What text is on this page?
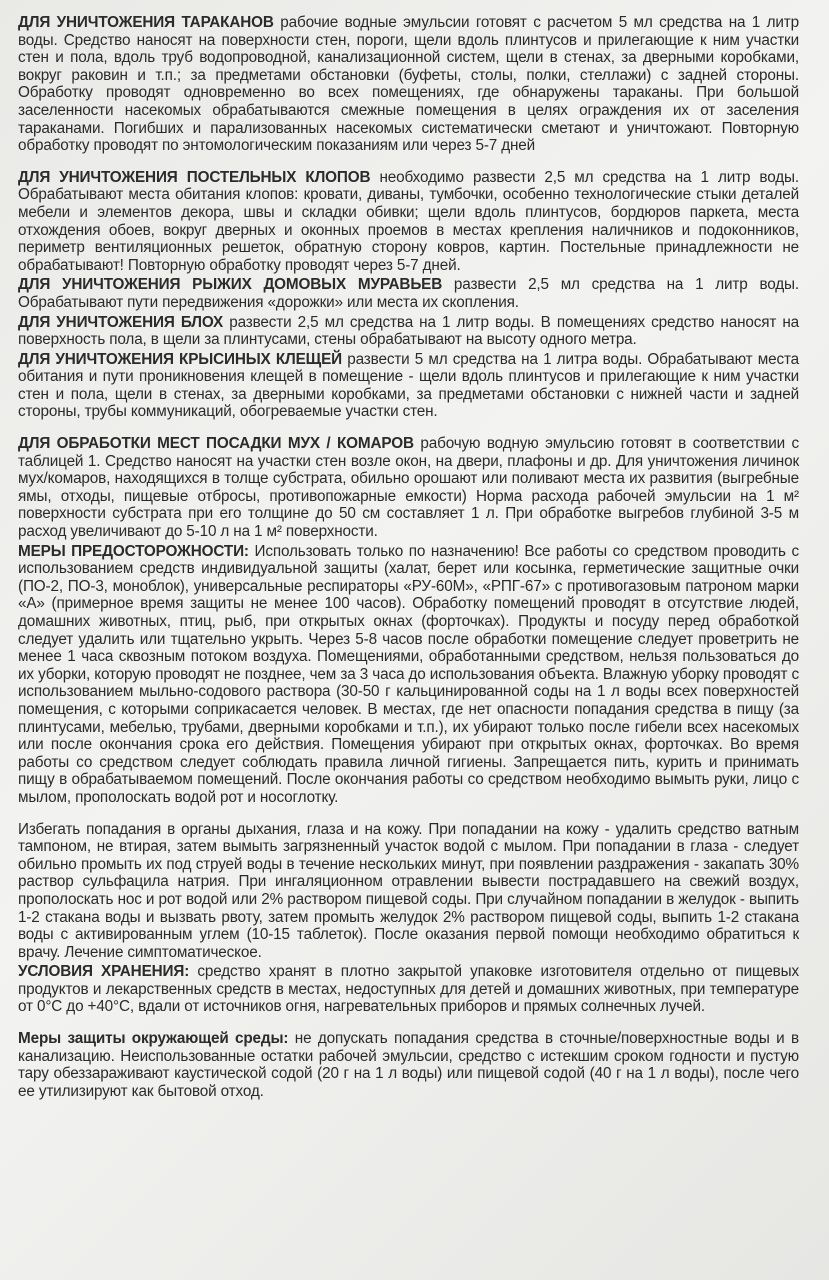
ДЛЯ УНИЧТОЖЕНИЯ ТАРАКАНОВ рабочие водные эмульсии готовят с расчетом 5 мл средства на 1 литр воды. Средство наносят на поверхности стен, пороги, щели вдоль плинтусов и прилегающие к ним участки стен и пола, вдоль труб водопроводной, канализационной систем, щели в стенах, за дверными коробками, вокруг раковин и т.п.; за предметами обстановки (буфеты, столы, полки, стеллажи) с задней стороны. Обработку проводят одновременно во всех помещениях, где обнаружены тараканы. При большой заселенности насекомых обрабатываются смежные помещения в целях ограждения их от заселения тараканами. Погибших и парализованных насекомых систематически сметают и уничтожают. Повторную обработку проводят по энтомологическим показаниям или через 5-7 дней

ДЛЯ УНИЧТОЖЕНИЯ ПОСТЕЛЬНЫХ КЛОПОВ необходимо развести 2,5 мл средства на 1 литр воды. Обрабатывают места обитания клопов: кровати, диваны, тумбочки, особенно технологические стыки деталей мебели и элементов декора, швы и складки обивки; щели вдоль плинтусов, бордюров паркета, места отхождения обоев, вокруг дверных и оконных проемов в местах крепления наличников и подоконников, периметр вентиляционных решеток, обратную сторону ковров, картин. Постельные принадлежности не обрабатывают! Повторную обработку проводят через 5-7 дней.

ДЛЯ УНИЧТОЖЕНИЯ РЫЖИХ ДОМОВЫХ МУРАВЬЕВ развести 2,5 мл средства на 1 литр воды. Обрабатывают пути передвижения «дорожки» или места их скопления.

ДЛЯ УНИЧТОЖЕНИЯ БЛОХ развести 2,5 мл средства на 1 литр воды. В помещениях средство наносят на поверхность пола, в щели за плинтусами, стены обрабатывают на высоту одного метра.

ДЛЯ УНИЧТОЖЕНИЯ КРЫСИНЫХ КЛЕЩЕЙ развести 5 мл средства на 1 литра воды. Обрабатывают места обитания и пути проникновения клещей в помещение - щели вдоль плинтусов и прилегающие к ним участки стен и пола, щели в стенах, за дверными коробками, за предметами обстановки с нижней части и задней стороны, трубы коммуникаций, обогреваемые участки стен.

ДЛЯ ОБРАБОТКИ МЕСТ ПОСАДКИ МУХ / КОМАРОВ рабочую водную эмульсию готовят в соответствии с таблицей 1. Средство наносят на участки стен возле окон, на двери, плафоны и др. Для уничтожения личинок мух/комаров, находящихся в толще субстрата, обильно орошают или поливают места их развития (выгребные ямы, отходы, пищевые отбросы, противопожарные емкости) Норма расхода рабочей эмульсии на 1 м² поверхности субстрата при его толщине до 50 см составляет 1 л. При обработке выгребов глубиной 3-5 м расход увеличивают до 5-10 л на 1 м² поверхности.

МЕРЫ ПРЕДОСТОРОЖНОСТИ: Использовать только по назначению! Все работы со средством проводить с использованием средств индивидуальной защиты (халат, берет или косынка, герметические защитные очки (ПО-2, ПО-3, моноблок), универсальные респираторы «РУ-60М», «РПГ-67» с противогазовым патроном марки «А» (примерное время защиты не менее 100 часов). Обработку помещений проводят в отсутствие людей, домашних животных, птиц, рыб, при открытых окнах (форточках). Продукты и посуду перед обработкой следует удалить или тщательно укрыть. Через 5-8 часов после обработки помещение следует проветрить не менее 1 часа сквозным потоком воздуха. Помещениями, обработанными средством, нельзя пользоваться до их уборки, которую проводят не позднее, чем за 3 часа до использования объекта. Влажную уборку проводят с использованием мыльно-содового раствора (30-50 г кальцинированной соды на 1 л воды всех поверхностей помещения, с которыми соприкасается человек. В местах, где нет опасности попадания средства в пищу (за плинтусами, мебелью, трубами, дверными коробками и т.п.), их убирают только после гибели всех насекомых или после окончания срока его действия. Помещения убирают при открытых окнах, форточках. Во время работы со средством следует соблюдать правила личной гигиены. Запрещается пить, курить и принимать пищу в обрабатываемом помещений. После окончания работы со средством необходимо вымыть руки, лицо с мылом, прополоскать водой рот и носоглотку.

Избегать попадания в органы дыхания, глаза и на кожу. При попадании на кожу - удалить средство ватным тампоном, не втирая, затем вымыть загрязненный участок водой с мылом. При попадании в глаза - следует обильно промыть их под струей воды в течение нескольких минут, при появлении раздражения - закапать 30% раствор сульфацила натрия. При ингаляционном отравлении вывести пострадавшего на свежий воздух, прополоскать нос и рот водой или 2% раствором пищевой соды. При случайном попадании в желудок - выпить 1-2 стакана воды и вызвать рвоту, затем промыть желудок 2% раствором пищевой соды, выпить 1-2 стакана воды с активированным углем (10-15 таблеток). После оказания первой помощи необходимо обратиться к врачу. Лечение симптоматическое.

УСЛОВИЯ ХРАНЕНИЯ: средство хранят в плотно закрытой упаковке изготовителя отдельно от пищевых продуктов и лекарственных средств в местах, недоступных для детей и домашних животных, при температуре от 0°С до +40°С, вдали от источников огня, нагревательных приборов и прямых солнечных лучей.

Меры защиты окружающей среды: не допускать попадания средства в сточные/поверхностные воды и в канализацию. Неиспользованные остатки рабочей эмульсии, средство с истекшим сроком годности и пустую тару обеззараживают каустической содой (20 г на 1 л воды) или пищевой содой (40 г на 1 л воды), после чего ее утилизируют как бытовой отход.
